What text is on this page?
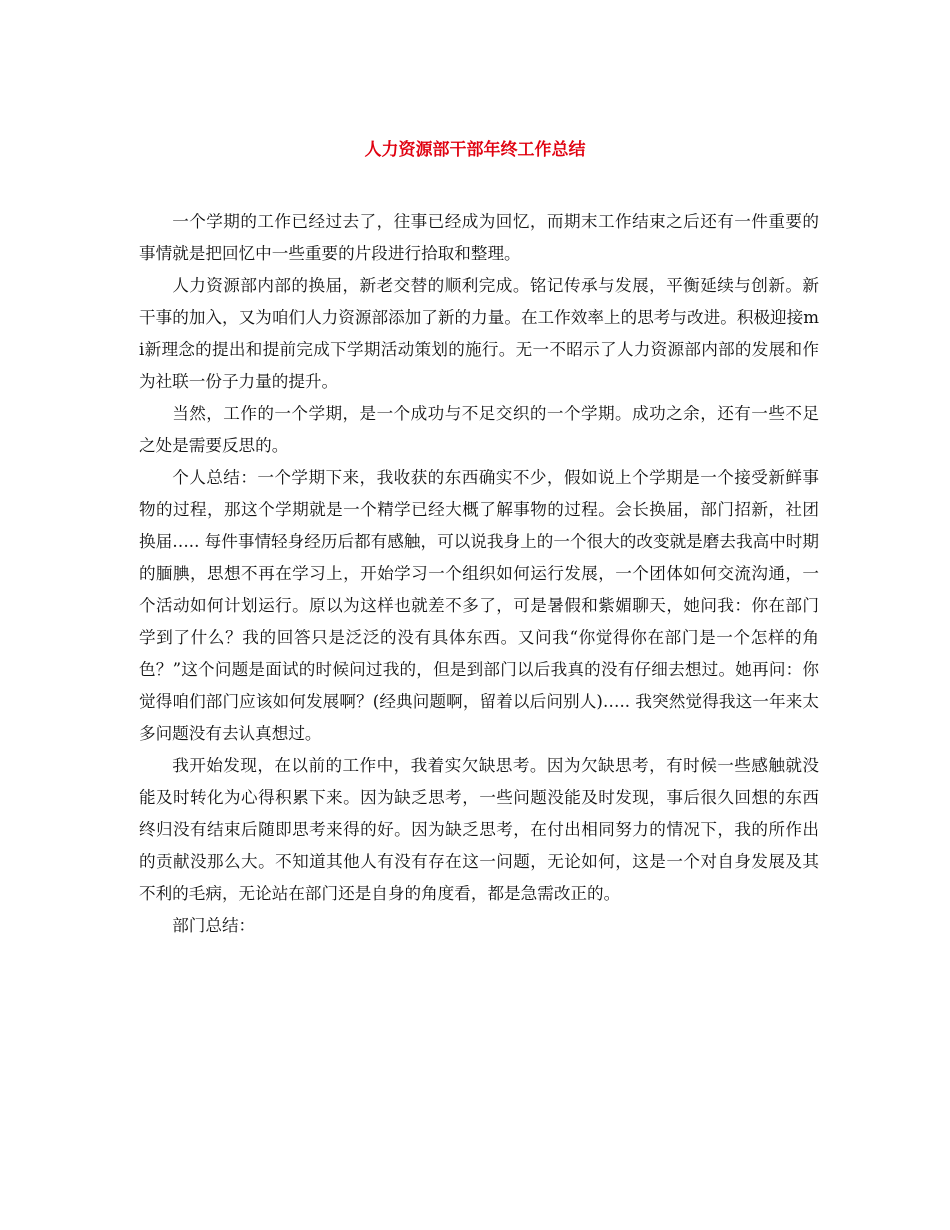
人力资源部干部年终工作总结

一个学期的工作已经过去了，往事已经成为回忆，而期末工作结束之后还有一件重要的事情就是把回忆中一些重要的片段进行拾取和整理。

人力资源部内部的换届，新老交替的顺利完成。铭记传承与发展，平衡延续与创新。新干事的加入，又为咱们人力资源部添加了新的力量。在工作效率上的思考与改进。积极迎接mi新理念的提出和提前完成下学期活动策划的施行。无一不昭示了人力资源部内部的发展和作为社联一份子力量的提升。

当然，工作的一个学期，是一个成功与不足交织的一个学期。成功之余，还有一些不足之处是需要反思的。

个人总结：一个学期下来，我收获的东西确实不少，假如说上个学期是一个接受新鲜事物的过程，那这个学期就是一个精学已经大概了解事物的过程。会长换届，部门招新，社团换届….. 每件事情轻身经历后都有感触，可以说我身上的一个很大的改变就是磨去我高中时期的腼腆，思想不再在学习上，开始学习一个组织如何运行发展，一个团体如何交流沟通，一个活动如何计划运行。原以为这样也就差不多了，可是暑假和紫媚聊天，她问我：你在部门学到了什么？我的回答只是泛泛的没有具体东西。又问我“你觉得你在部门是一个怎样的角色？”这个问题是面试的时候问过我的，但是到部门以后我真的没有仔细去想过。她再问：你觉得咱们部门应该如何发展啊？(经典问题啊，留着以后问别人)….. 我突然觉得我这一年来太多问题没有去认真想过。

我开始发现，在以前的工作中，我着实欠缺思考。因为欠缺思考，有时候一些感触就没能及时转化为心得积累下来。因为缺乏思考，一些问题没能及时发现，事后很久回想的东西终归没有结束后随即思考来得的好。因为缺乏思考，在付出相同努力的情况下，我的所作出的贡献没那么大。不知道其他人有没有存在这一问题，无论如何，这是一个对自身发展及其不利的毛病，无论站在部门还是自身的角度看，都是急需改正的。

部门总结：
